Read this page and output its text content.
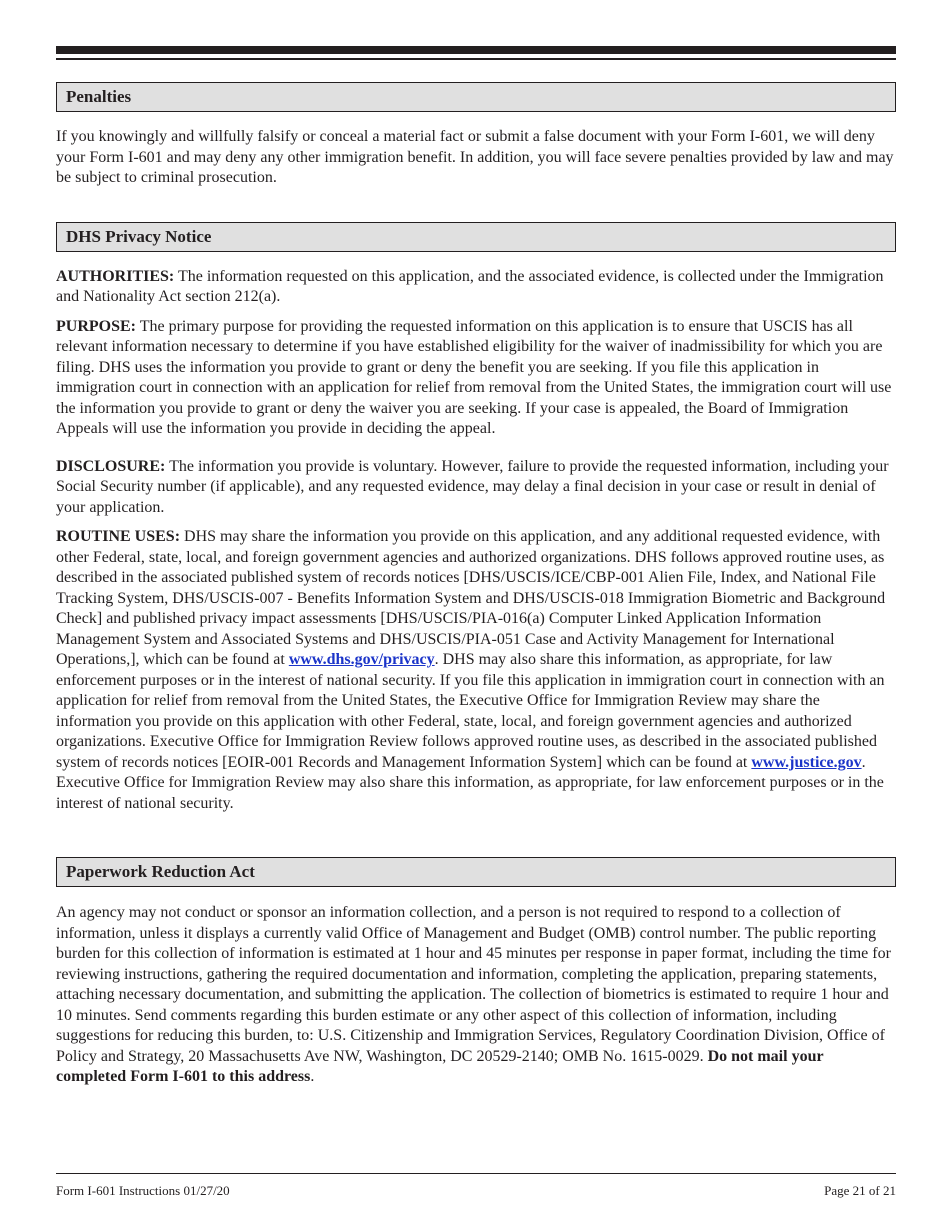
Penalties

If you knowingly and willfully falsify or conceal a material fact or submit a false document with your Form I-601, we will deny your Form I-601 and may deny any other immigration benefit. In addition, you will face severe penalties provided by law and may be subject to criminal prosecution.

DHS Privacy Notice

AUTHORITIES: The information requested on this application, and the associated evidence, is collected under the Immigration and Nationality Act section 212(a).

PURPOSE: The primary purpose for providing the requested information on this application is to ensure that USCIS has all relevant information necessary to determine if you have established eligibility for the waiver of inadmissibility for which you are filing. DHS uses the information you provide to grant or deny the benefit you are seeking. If you file this application in immigration court in connection with an application for relief from removal from the United States, the immigration court will use the information you provide to grant or deny the waiver you are seeking. If your case is appealed, the Board of Immigration Appeals will use the information you provide in deciding the appeal.

DISCLOSURE: The information you provide is voluntary. However, failure to provide the requested information, including your Social Security number (if applicable), and any requested evidence, may delay a final decision in your case or result in denial of your application.

ROUTINE USES: DHS may share the information you provide on this application, and any additional requested evidence, with other Federal, state, local, and foreign government agencies and authorized organizations. DHS follows approved routine uses, as described in the associated published system of records notices [DHS/USCIS/ICE/CBP-001 Alien File, Index, and National File Tracking System, DHS/USCIS-007 - Benefits Information System and DHS/USCIS-018 Immigration Biometric and Background Check] and published privacy impact assessments [DHS/USCIS/PIA-016(a) Computer Linked Application Information Management System and Associated Systems and DHS/USCIS/PIA-051 Case and Activity Management for International Operations,], which can be found at www.dhs.gov/privacy. DHS may also share this information, as appropriate, for law enforcement purposes or in the interest of national security. If you file this application in immigration court in connection with an application for relief from removal from the United States, the Executive Office for Immigration Review may share the information you provide on this application with other Federal, state, local, and foreign government agencies and authorized organizations. Executive Office for Immigration Review follows approved routine uses, as described in the associated published system of records notices [EOIR-001 Records and Management Information System] which can be found at www.justice.gov. Executive Office for Immigration Review may also share this information, as appropriate, for law enforcement purposes or in the interest of national security.

Paperwork Reduction Act

An agency may not conduct or sponsor an information collection, and a person is not required to respond to a collection of information, unless it displays a currently valid Office of Management and Budget (OMB) control number. The public reporting burden for this collection of information is estimated at 1 hour and 45 minutes per response in paper format, including the time for reviewing instructions, gathering the required documentation and information, completing the application, preparing statements, attaching necessary documentation, and submitting the application. The collection of biometrics is estimated to require 1 hour and 10 minutes. Send comments regarding this burden estimate or any other aspect of this collection of information, including suggestions for reducing this burden, to: U.S. Citizenship and Immigration Services, Regulatory Coordination Division, Office of Policy and Strategy, 20 Massachusetts Ave NW, Washington, DC 20529-2140; OMB No. 1615-0029. Do not mail your completed Form I-601 to this address.

Form I-601 Instructions 01/27/20	Page 21 of 21
